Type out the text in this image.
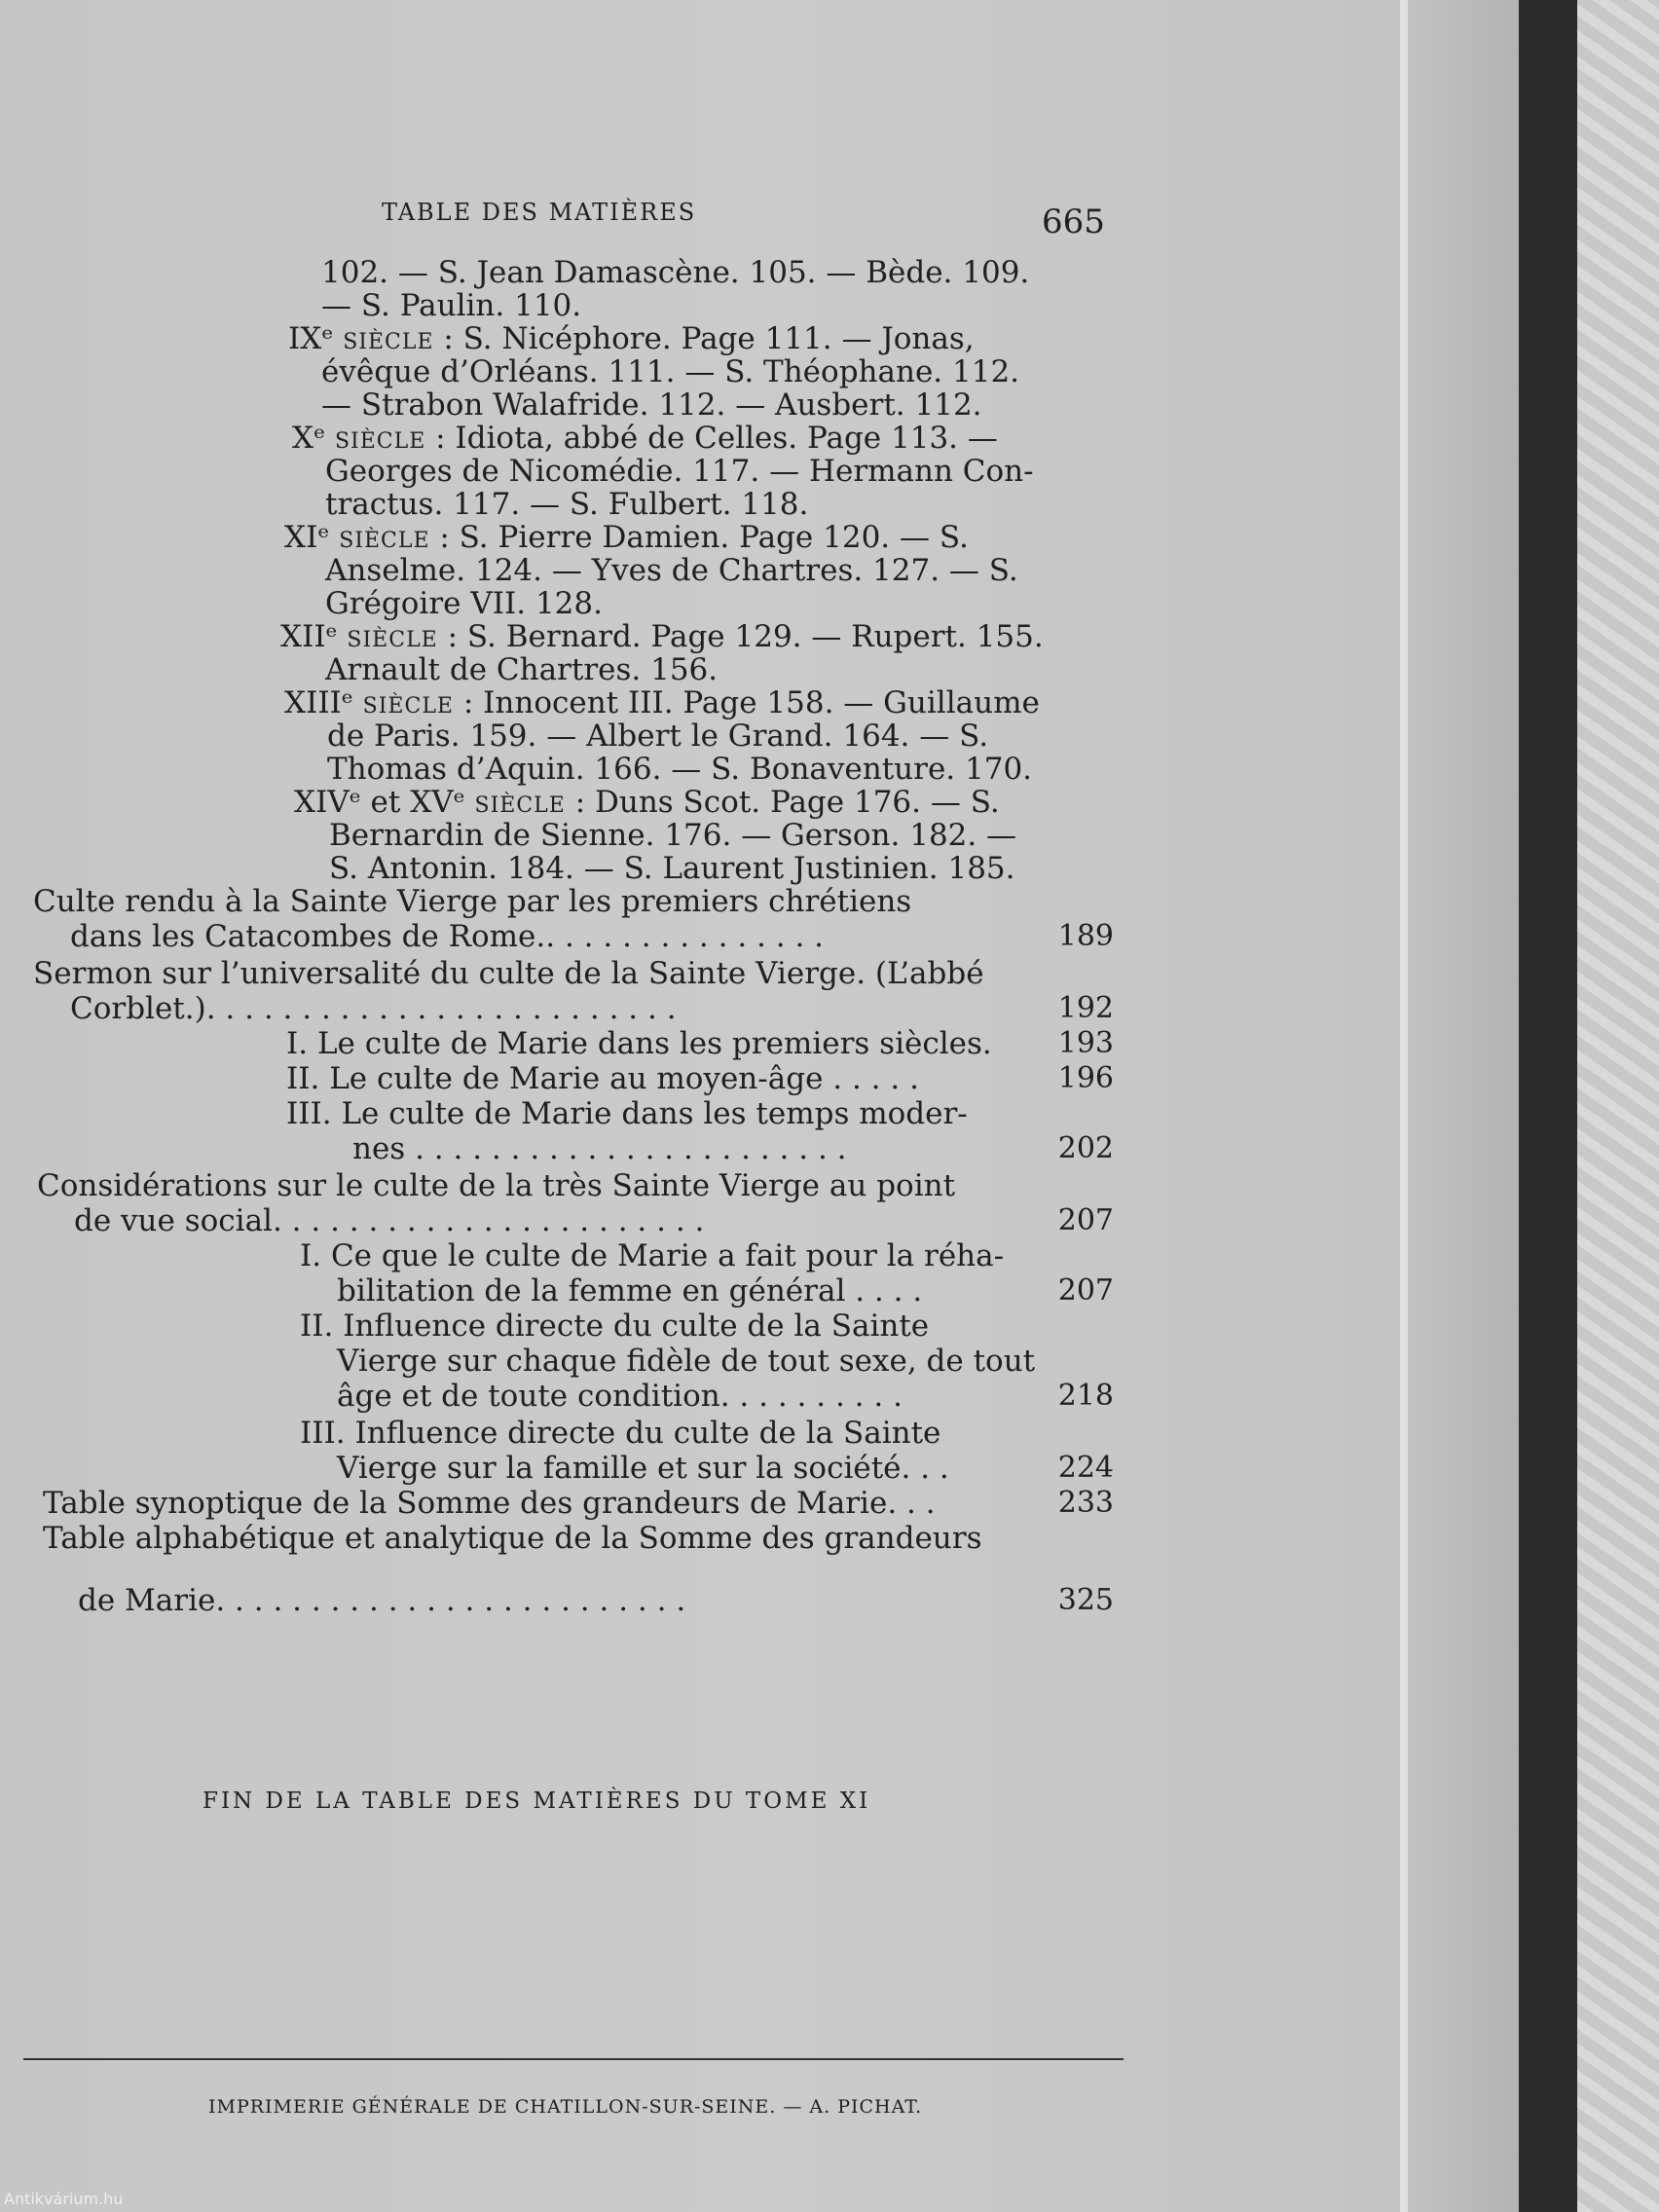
TABLE DES MATIÈRES	665
102. — S. Jean Damascène. 105. — Bède. 109.
— S. Paulin. 110.
IXᵉ SIÈCLE : S. Nicéphore. Page 111. — Jonas,
évêque d’Orléans. 111. — S. Théophane. 112.
— Strabon Walafride. 112. — Ausbert. 112.
Xᵉ SIÈCLE : Idiota, abbé de Celles. Page 113. —
Georges de Nicomédie. 117. — Hermann Con-
tractus. 117. — S. Fulbert. 118.
XIᵉ SIÈCLE : S. Pierre Damien. Page 120. — S.
Anselme. 124. — Yves de Chartres. 127. — S.
Grégoire VII. 128.
XIIᵉ SIÈCLE : S. Bernard. Page 129. — Rupert. 155.
Arnault de Chartres. 156.
XIIIᵉ SIÈCLE : Innocent III. Page 158. — Guillaume
de Paris. 159. — Albert le Grand. 164. — S.
Thomas d’Aquin. 166. — S. Bonaventure. 170.
XIVᵉ et XVᵉ SIÈCLE : Duns Scot. Page 176. — S.
Bernardin de Sienne. 176. — Gerson. 182. —
S. Antonin. 184. — S. Laurent Justinien. 185.
Culte rendu à la Sainte Vierge par les premiers chrétiens
dans les Catacombes de Rome.. . . . . . . . . . . . . . .	189
Sermon sur l’universalité du culte de la Sainte Vierge. (L’abbé
Corblet.). . . . . . . . . . . . . . . . . . . . . . . . .	192
I. Le culte de Marie dans les premiers siècles.	193
II. Le culte de Marie au moyen-âge . . . . .	196
III. Le culte de Marie dans les temps moder-
nes . . . . . . . . . . . . . . . . . . . . . . .	202
Considérations sur le culte de la très Sainte Vierge au point
de vue social. . . . . . . . . . . . . . . . . . . . . . .	207
I. Ce que le culte de Marie a fait pour la réha-
bilitation de la femme en général . . . .	207
II. Influence directe du culte de la Sainte
Vierge sur chaque fidèle de tout sexe, de tout
âge et de toute condition. . . . . . . . . .	218
III. Influence directe du culte de la Sainte
Vierge sur la famille et sur la société. . .	224
Table synoptique de la Somme des grandeurs de Marie. . .	233
Table alphabétique et analytique de la Somme des grandeurs
de Marie. . . . . . . . . . . . . . . . . . . . . . . . .	325
FIN DE LA TABLE DES MATIÈRES DU TOME XI
IMPRIMERIE GÉNÉRALE DE CHATILLON-SUR-SEINE. — A. PICHAT.
Antikvárium.hu
